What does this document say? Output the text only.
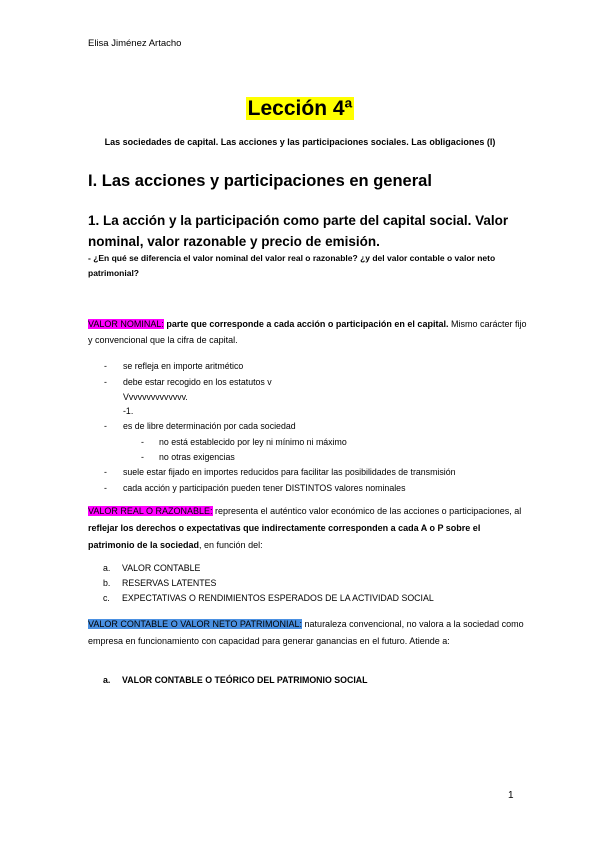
Elisa Jiménez Artacho
Lección 4ª
Las sociedades de capital. Las acciones y las participaciones sociales. Las obligaciones (I)
I. Las acciones y participaciones en general
1. La acción y la participación como parte del capital social. Valor nominal, valor razonable y precio de emisión.
- ¿En qué se diferencia el valor nominal del valor real o razonable? ¿y del valor contable o valor neto patrimonial?
VALOR NOMINAL: parte que corresponde a cada acción o participación en el capital. Mismo carácter fijo y convencional que la cifra de capital.
- se refleja en importe aritmético
- debe estar recogido en los estatutos v
Vvvvvvvvvvvvvv.
-1.
- es de libre determinación por cada sociedad
- no está establecido por ley ni mínimo ni máximo
- no otras exigencias
- suele estar fijado en importes reducidos para facilitar las posibilidades de transmisión
- cada acción y participación pueden tener DISTINTOS valores nominales
VALOR REAL O RAZONABLE: representa el auténtico valor económico de las acciones o participaciones, al reflejar los derechos o expectativas que indirectamente corresponden a cada A o P sobre el patrimonio de la sociedad, en función del:
a. VALOR CONTABLE
b. RESERVAS LATENTES
c. EXPECTATIVAS O RENDIMIENTOS ESPERADOS DE LA ACTIVIDAD SOCIAL
VALOR CONTABLE O VALOR NETO PATRIMONIAL: naturaleza convencional, no valora a la sociedad como empresa en funcionamiento con capacidad para generar ganancias en el futuro. Atiende a:
a. VALOR CONTABLE O TEÓRICO DEL PATRIMONIO SOCIAL
1
